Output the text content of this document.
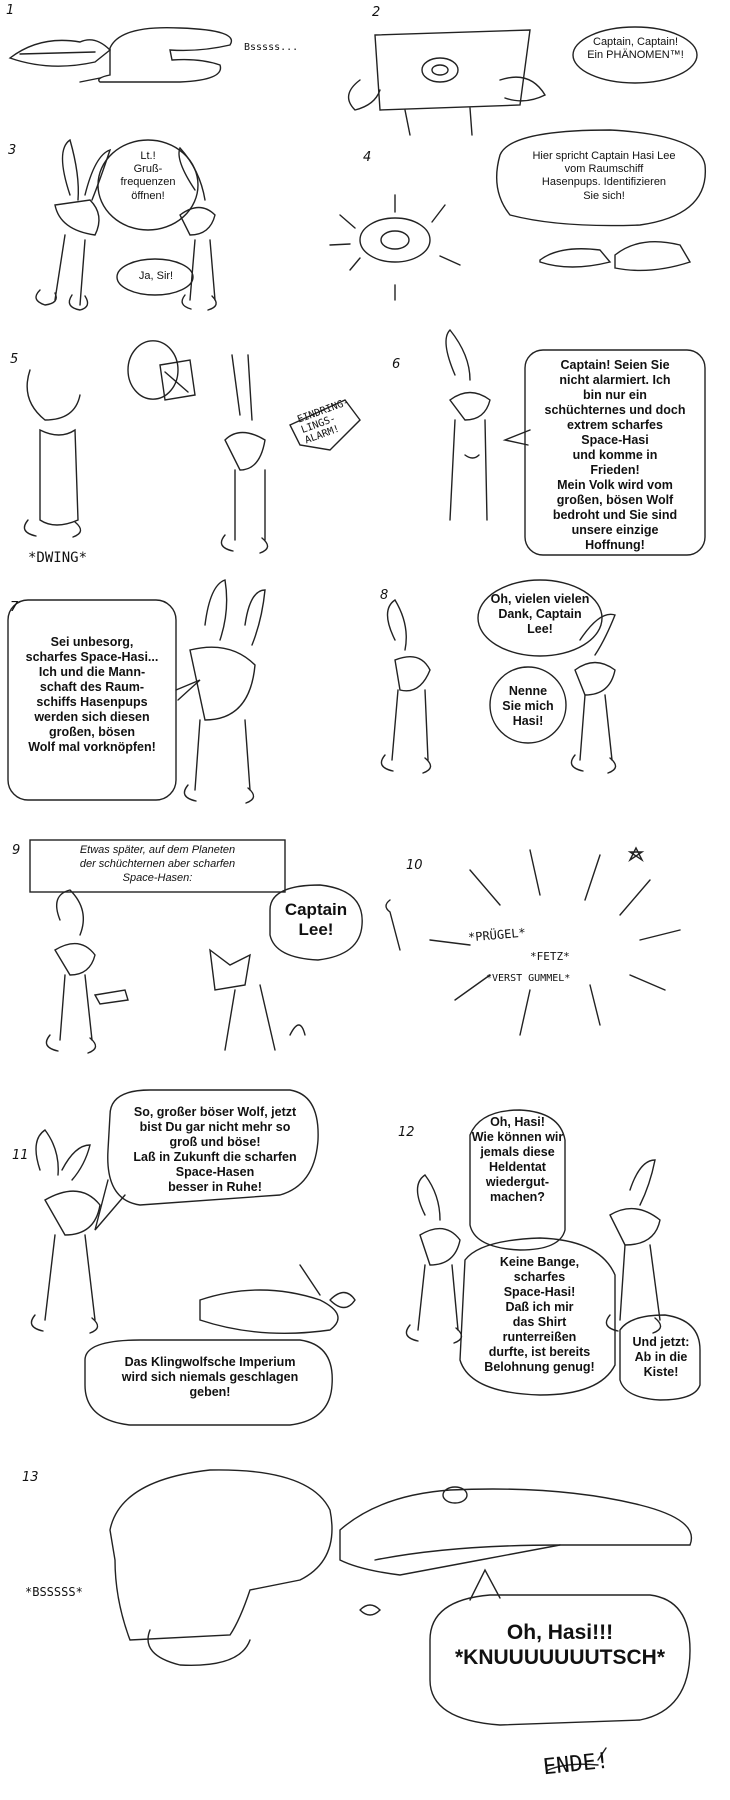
1	2
3	4
5	6
7
8
9
10
11
12
13
Bsssss...	Captain, Captain!
Ein PHÄNOMEN™!
Lt.!
Gruß-
frequenzen
öffnen!
Ja, Sir!
Hier spricht Captain Hasi Lee
vom Raumschiff
Hasenpups. Identifizieren
Sie sich!
EINDRING-
LINGS-
ALARM!
*DWING*
Captain! Seien Sie
nicht alarmiert. Ich
bin nur ein
schüchternes und doch
extrem scharfes
Space-Hasi
und komme in
Frieden!
Mein Volk wird vom
großen, bösen Wolf
bedroht und Sie sind
unsere einzige
Hoffnung!
Sei unbesorg,
scharfes Space-Hasi...
Ich und die Mann-
schaft des Raum-
schiffs Hasenpups
werden sich diesen
großen, bösen
Wolf mal vorknöpfen!
Oh, vielen vielen
Dank, Captain
Lee!
Nenne
Sie mich
Hasi!
Etwas später, auf dem Planeten
der schüchternen aber scharfen
Space-Hasen:
Captain
Lee!	*PRÜGEL*
*FETZ*
*VERST GUMMEL*
So, großer böser Wolf, jetzt
bist Du gar nicht mehr so
groß und böse!
Laß in Zukunft die scharfen
Space-Hasen
besser in Ruhe!
Das Klingwolfsche Imperium
wird sich niemals geschlagen
geben!
Oh, Hasi!
Wie können wir
jemals diese
Heldentat
wiedergut-
machen?
Keine Bange,
scharfes
Space-Hasi!
Daß ich mir
das Shirt
runterreißen
durfte, ist bereits
Belohnung genug!
Und jetzt:
Ab in die
Kiste!
*BSSSSS*
Oh, Hasi!!!
*KNUUUUUUUTSCH*
ENDE!
